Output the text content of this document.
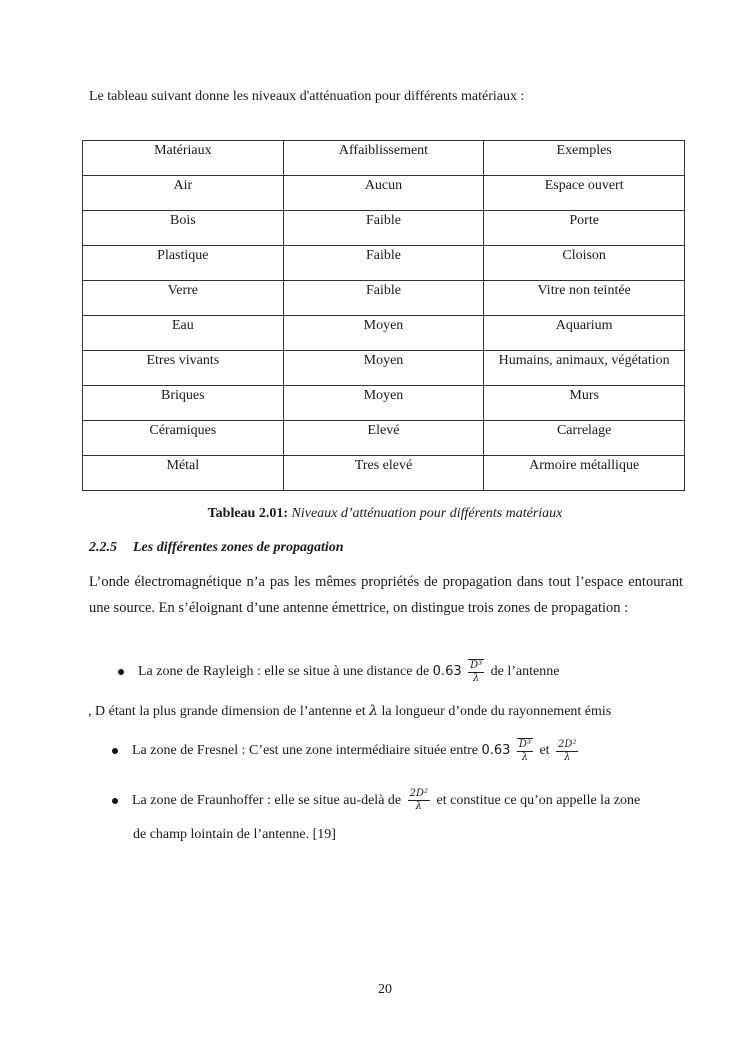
Le tableau suivant donne les niveaux d'atténuation pour différents matériaux :
Matériaux	Affaiblissement	Exemples

Air	Aucun	Espace ouvert

Bois	Faible	Porte

Plastique	Faible	Cloison

Verre	Faible	Vitre non teintée

Eau	Moyen	Aquarium

Etres vivants	Moyen	Humains, animaux, végétation

Briques	Moyen	Murs

Céramiques	Elevé	Carrelage

Métal	Tres elevé	Armoire métallique
Tableau 2.01: Niveaux d’atténuation pour différents matériaux
2.2.5 Les différentes zones de propagation
L’onde électromagnétique n’a pas les mêmes propriétés de propagation dans tout l’espace entourant une source. En s’éloignant d’une antenne émettrice, on distingue trois zones de propagation :
La zone de Rayleigh : elle se situe à une distance de $0.63 \frac{\text{D³}}{\lambda}$ de l’antenne
, D étant la plus grande dimension de l’antenne et λ la longueur d’onde du rayonnement émis
La zone de Fresnel : C’est une zone intermédiaire située entre $0.63 \frac{\text{D³}}{\lambda}$ et $\frac{\text{2D²}}{\lambda}$
La zone de Fraunhoffer : elle se situe au-delà de $\frac{\text{2D²}}{\lambda}$ et constitue ce qu’on appelle la zone
de champ lointain de l’antenne. [19]
20
